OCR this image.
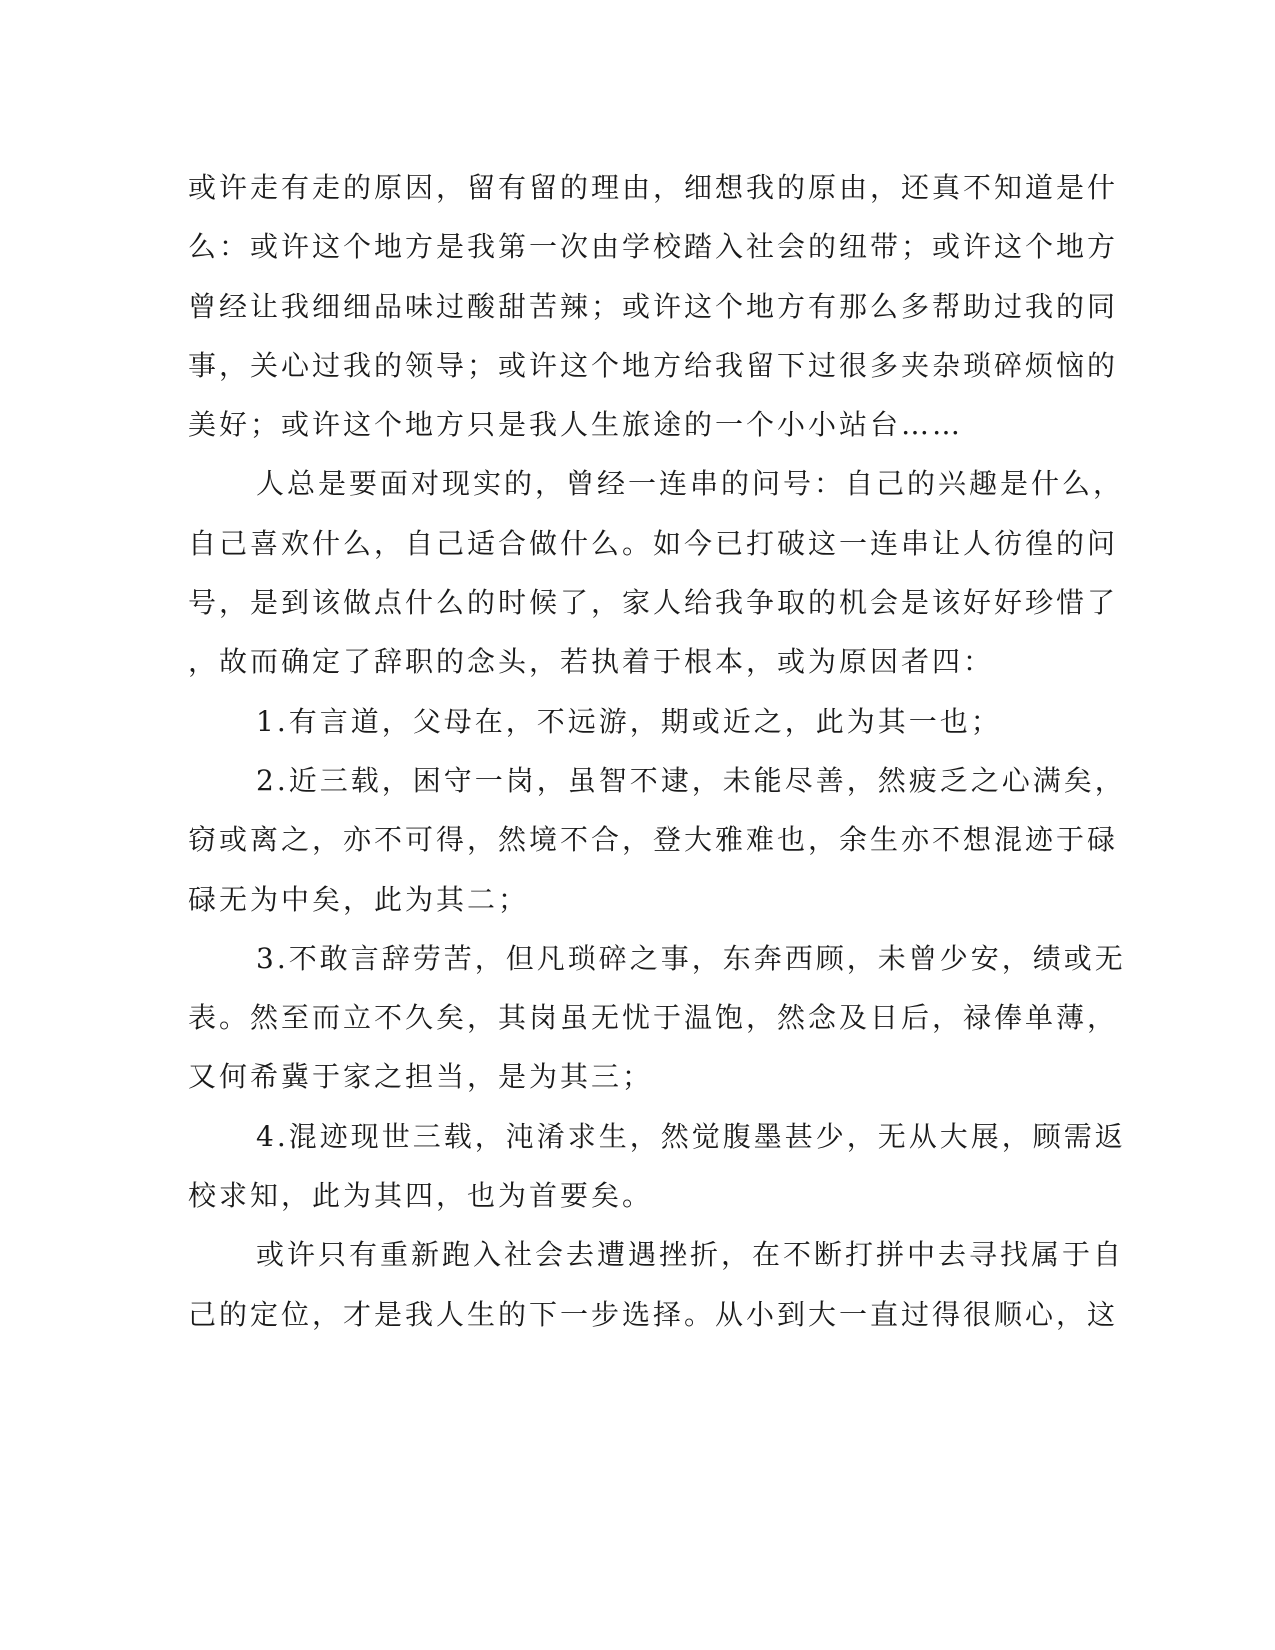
或许走有走的原因，留有留的理由，细想我的原由，还真不知道是什
么：或许这个地方是我第一次由学校踏入社会的纽带；或许这个地方
曾经让我细细品味过酸甜苦辣；或许这个地方有那么多帮助过我的同
事，关心过我的领导；或许这个地方给我留下过很多夹杂琐碎烦恼的
美好；或许这个地方只是我人生旅途的一个小小站台……
人总是要面对现实的，曾经一连串的问号：自己的兴趣是什么，
自己喜欢什么，自己适合做什么。如今已打破这一连串让人彷徨的问
号，是到该做点什么的时候了，家人给我争取的机会是该好好珍惜了
，故而确定了辞职的念头，若执着于根本，或为原因者四：
1.有言道，父母在，不远游，期或近之，此为其一也；
2.近三载，困守一岗，虽智不逮，未能尽善，然疲乏之心满矣，
窃或离之，亦不可得，然境不合，登大雅难也，余生亦不想混迹于碌
碌无为中矣，此为其二；
3.不敢言辞劳苦，但凡琐碎之事，东奔西顾，未曾少安，绩或无
表。然至而立不久矣，其岗虽无忧于温饱，然念及日后，禄俸单薄，
又何希冀于家之担当，是为其三；
4.混迹现世三载，沌淆求生，然觉腹墨甚少，无从大展，顾需返
校求知，此为其四，也为首要矣。
或许只有重新跑入社会去遭遇挫折，在不断打拼中去寻找属于自
己的定位，才是我人生的下一步选择。从小到大一直过得很顺心，这
